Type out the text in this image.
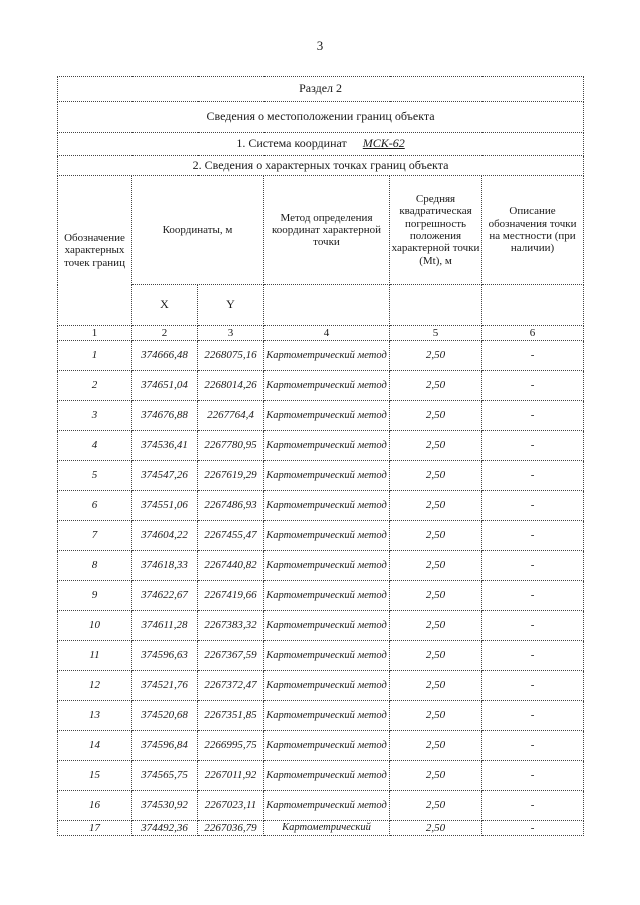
3
Раздел 2					
Сведения о местоположении границ объекта					
1. Система координат МСК-62					
2. Сведения о характерных точках границ объекта					
Обозначение характерных точек границ	Координаты, м		Метод определения координат характерной точки	Средняя квадратическая погрешность положения характерной точки (Mt), м	Описание обозначения точки на местности (при наличии)
	X	Y			
1	2	3	4	5	6
1	374666,48	2268075,16	Картометрический метод	2,50	-
2	374651,04	2268014,26	Картометрический метод	2,50	-
3	374676,88	2267764,4	Картометрический метод	2,50	-
4	374536,41	2267780,95	Картометрический метод	2,50	-
5	374547,26	2267619,29	Картометрический метод	2,50	-
6	374551,06	2267486,93	Картометрический метод	2,50	-
7	374604,22	2267455,47	Картометрический метод	2,50	-
8	374618,33	2267440,82	Картометрический метод	2,50	-
9	374622,67	2267419,66	Картометрический метод	2,50	-
10	374611,28	2267383,32	Картометрический метод	2,50	-
11	374596,63	2267367,59	Картометрический метод	2,50	-
12	374521,76	2267372,47	Картометрический метод	2,50	-
13	374520,68	2267351,85	Картометрический метод	2,50	-
14	374596,84	2266995,75	Картометрический метод	2,50	-
15	374565,75	2267011,92	Картометрический метод	2,50	-
16	374530,92	2267023,11	Картометрический метод	2,50	-
17	374492,36	2267036,79	Картометрический	2,50	-
